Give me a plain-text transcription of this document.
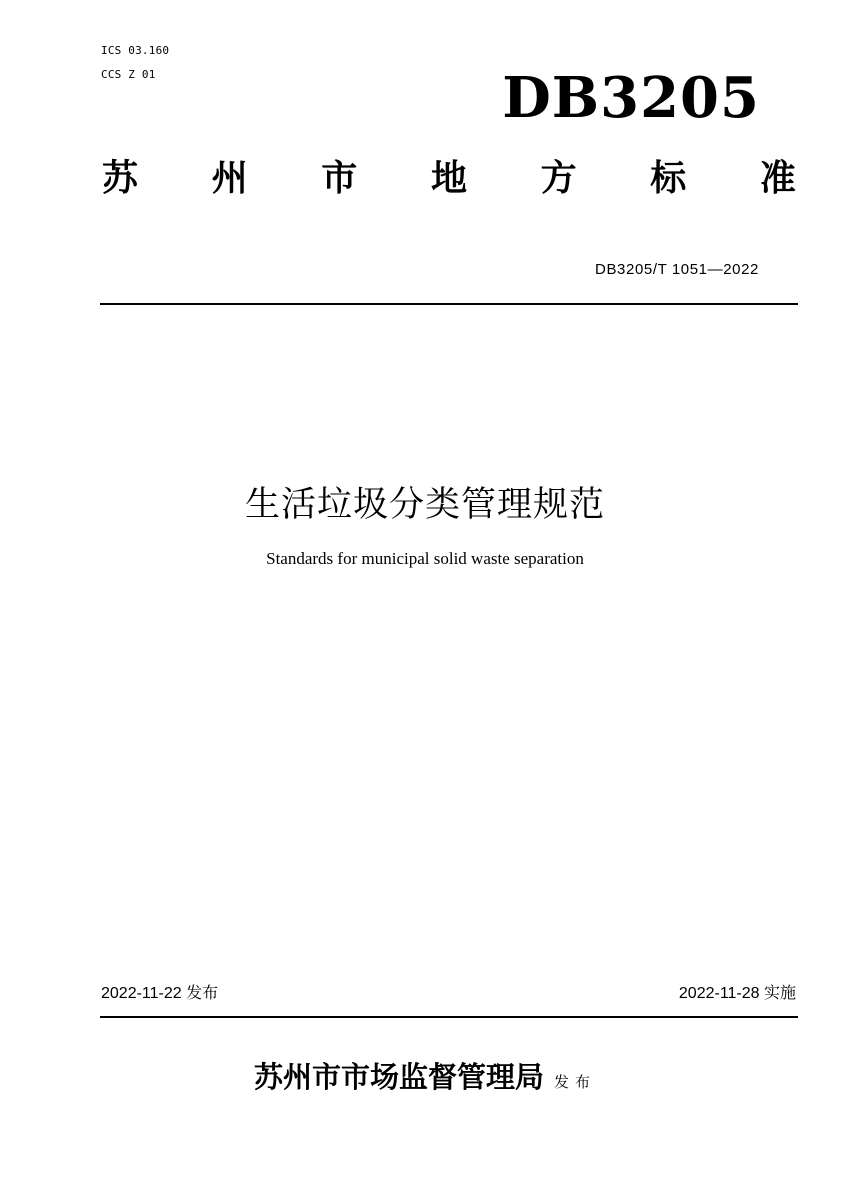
ICS 03.160
CCS Z 01	DB3205
苏 州 市 地 方 标 准
DB3205/T 1051—2022
生活垃圾分类管理规范
Standards for municipal solid waste separation
2022-11-22 发布	2022-11-28 实施
苏州市市场监督管理局 发布
